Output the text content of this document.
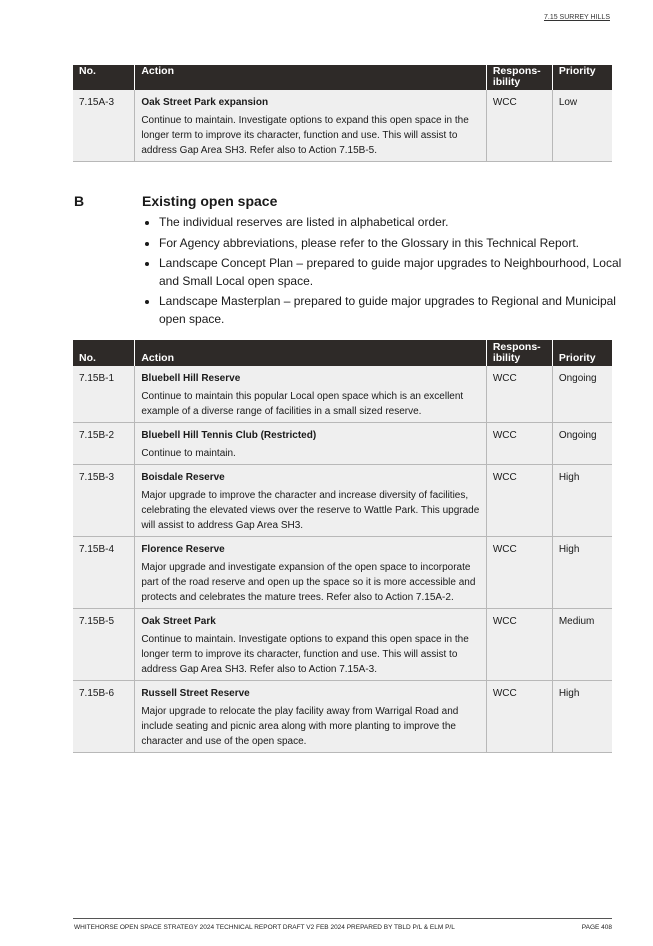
7.15 SURREY HILLS
No.	Action	Respons-ibility	Priority
7.15A-3	Oak Street Park expansion
Continue to maintain. Investigate options to expand this open space in the longer term to improve its character, function and use. This will assist to address Gap Area SH3. Refer also to Action 7.15B-5.	WCC	Low
B	Existing open space
• The individual reserves are listed in alphabetical order.
• For Agency abbreviations, please refer to the Glossary in this Technical Report.
• Landscape Concept Plan – prepared to guide major upgrades to Neighbourhood, Local and Small Local open space.
• Landscape Masterplan – prepared to guide major upgrades to Regional and Municipal open space.
No.	Action	Respons-ibility	Priority
7.15B-1	Bluebell Hill Reserve
Continue to maintain this popular Local open space which is an excellent example of a diverse range of facilities in a small sized reserve.	WCC	Ongoing
7.15B-2	Bluebell Hill Tennis Club (Restricted)
Continue to maintain.	WCC	Ongoing
7.15B-3	Boisdale Reserve
Major upgrade to improve the character and increase diversity of facilities, celebrating the elevated views over the reserve to Wattle Park. This upgrade will assist to address Gap Area SH3.	WCC	High
7.15B-4	Florence Reserve
Major upgrade and investigate expansion of the open space to incorporate part of the road reserve and open up the space so it is more accessible and protects and celebrates the mature trees. Refer also to Action 7.15A-2.	WCC	High
7.15B-5	Oak Street Park
Continue to maintain. Investigate options to expand this open space in the longer term to improve its character, function and use. This will assist to address Gap Area SH3. Refer also to Action 7.15A-3.	WCC	Medium
7.15B-6	Russell Street Reserve
Major upgrade to relocate the play facility away from Warrigal Road and include seating and picnic area along with more planting to improve the character and use of the open space.	WCC	High
WHITEHORSE OPEN SPACE STRATEGY 2024 TECHNICAL REPORT DRAFT V2 FEB 2024 PREPARED BY TBLD P/L & ELM P/L	PAGE 408
